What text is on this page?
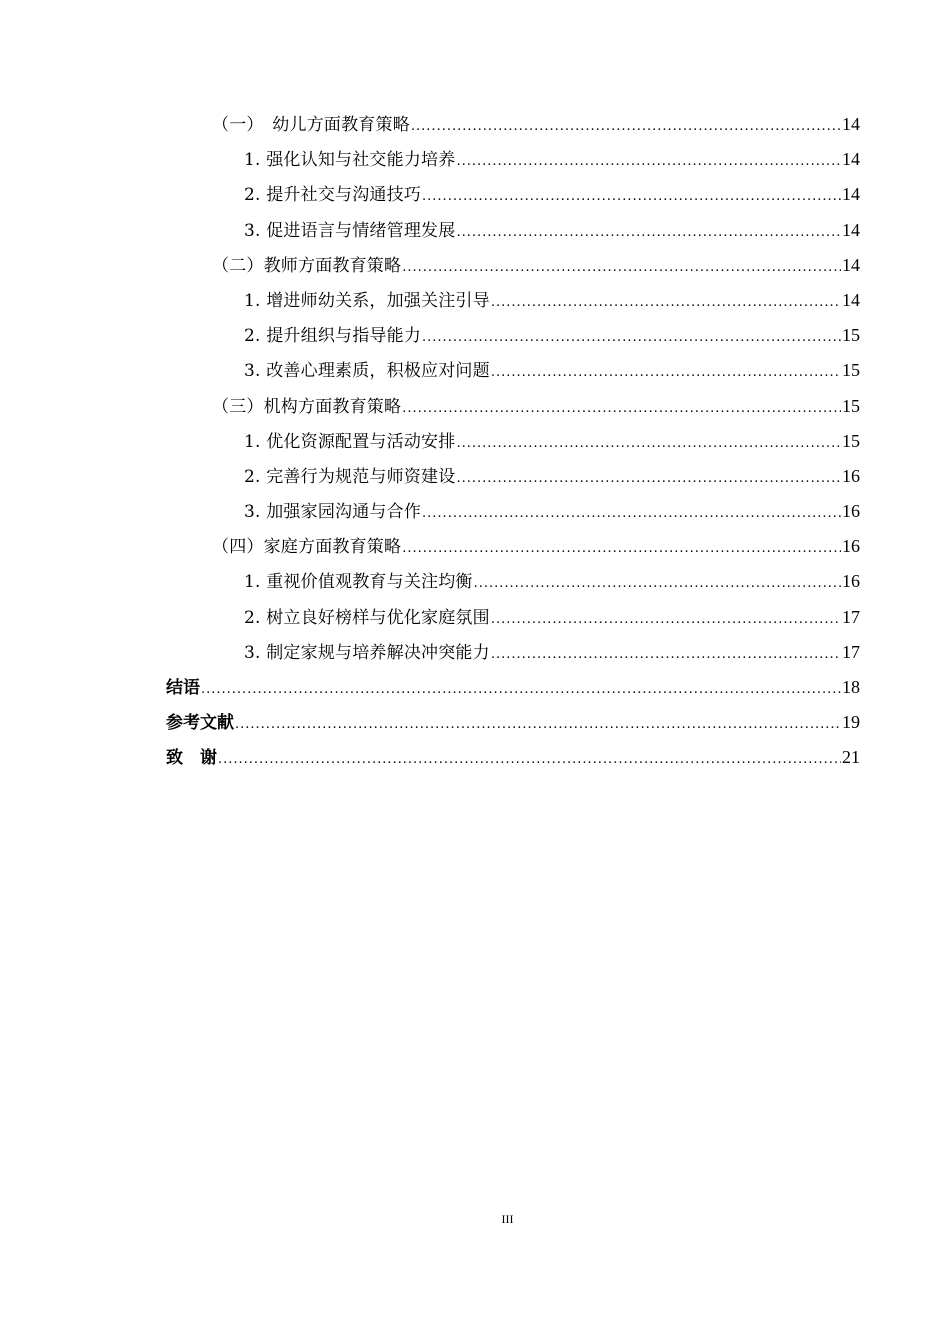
（一）　幼儿方面教育策略 .....	14
1. 强化认知与社交能力培养 .....	14
2. 提升社交与沟通技巧 .....	14
3. 促进语言与情绪管理发展 .....	14
（二）教师方面教育策略 .....	14
1. 增进师幼关系，加强关注引导 .....	14
2. 提升组织与指导能力 .....	15
3. 改善心理素质，积极应对问题 .....	15
（三）机构方面教育策略 .....	15
1. 优化资源配置与活动安排 .....	15
2. 完善行为规范与师资建设 .....	16
3. 加强家园沟通与合作 .....	16
（四）家庭方面教育策略 .....	16
1. 重视价值观教育与关注均衡 .....	16
2. 树立良好榜样与优化家庭氛围 .....	17
3. 制定家规与培养解决冲突能力 .....	17
结语 .....	18
参考文献 .....	19
致　谢 .....	21
III
